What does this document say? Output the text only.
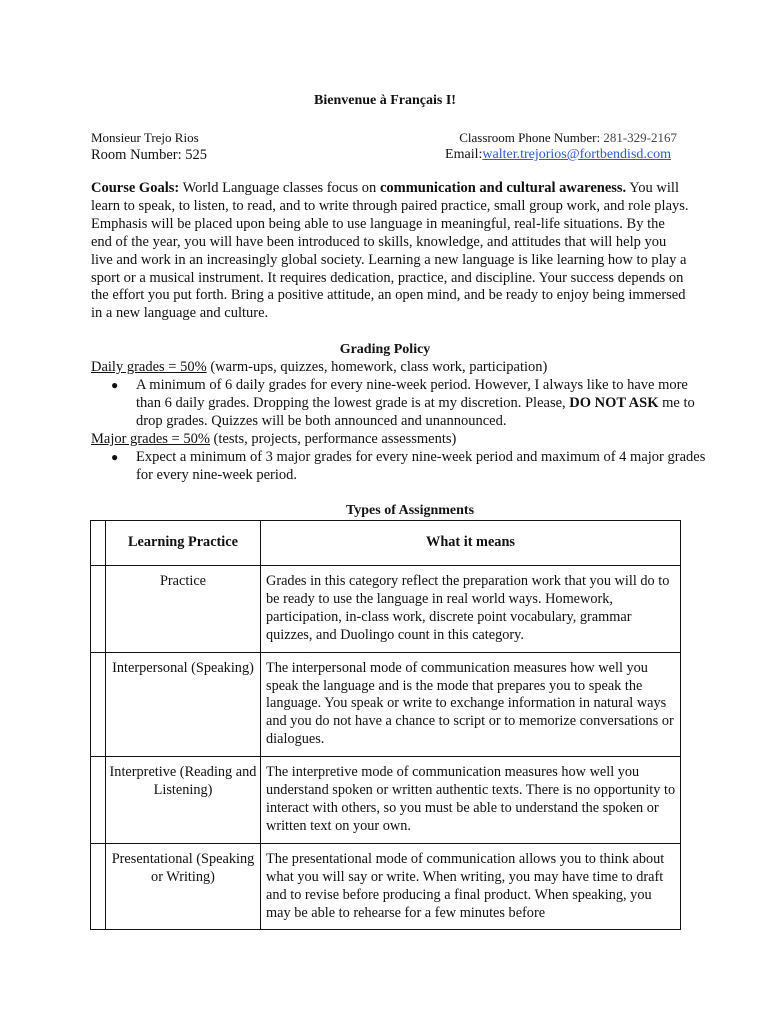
Bienvenue à Français I!
Monsieur Trejo Rios
Room Number: 525
Classroom Phone Number: 281-329-2167
Email:walter.trejorios@fortbendisd.com
Course Goals: World Language classes focus on communication and cultural awareness. You will learn to speak, to listen, to read, and to write through paired practice, small group work, and role plays. Emphasis will be placed upon being able to use language in meaningful, real-life situations. By the end of the year, you will have been introduced to skills, knowledge, and attitudes that will help you live and work in an increasingly global society. Learning a new language is like learning how to play a sport or a musical instrument. It requires dedication, practice, and discipline. Your success depends on the effort you put forth. Bring a positive attitude, an open mind, and be ready to enjoy being immersed in a new language and culture.
Grading Policy
Daily grades = 50% (warm-ups, quizzes, homework, class work, participation)
● A minimum of 6 daily grades for every nine-week period. However, I always like to have more
than 6 daily grades. Dropping the lowest grade is at my discretion. Please, DO NOT ASK me to
drop grades. Quizzes will be both announced and unannounced.
Major grades = 50% (tests, projects, performance assessments)
● Expect a minimum of 3 major grades for every nine-week period and maximum of 4 major grades
for every nine-week period.
Types of Assignments
	Learning Practice	What it means
	Practice	Grades in this category reflect the preparation work that you will do to be ready to use the language in real world ways. Homework, participation, in-class work, discrete point vocabulary, grammar quizzes, and Duolingo count in this category.
	Interpersonal (Speaking)	The interpersonal mode of communication measures how well you speak the language and is the mode that prepares you to speak the language. You speak or write to exchange information in natural ways and you do not have a chance to script or to memorize conversations or dialogues.
	Interpretive (Reading and Listening)	The interpretive mode of communication measures how well you understand spoken or written authentic texts. There is no opportunity to interact with others, so you must be able to understand the spoken or written text on your own.
	Presentational (Speaking or Writing)	The presentational mode of communication allows you to think about what you will say or write. When writing, you may have time to draft and to revise before producing a final product. When speaking, you may be able to rehearse for a few minutes before
